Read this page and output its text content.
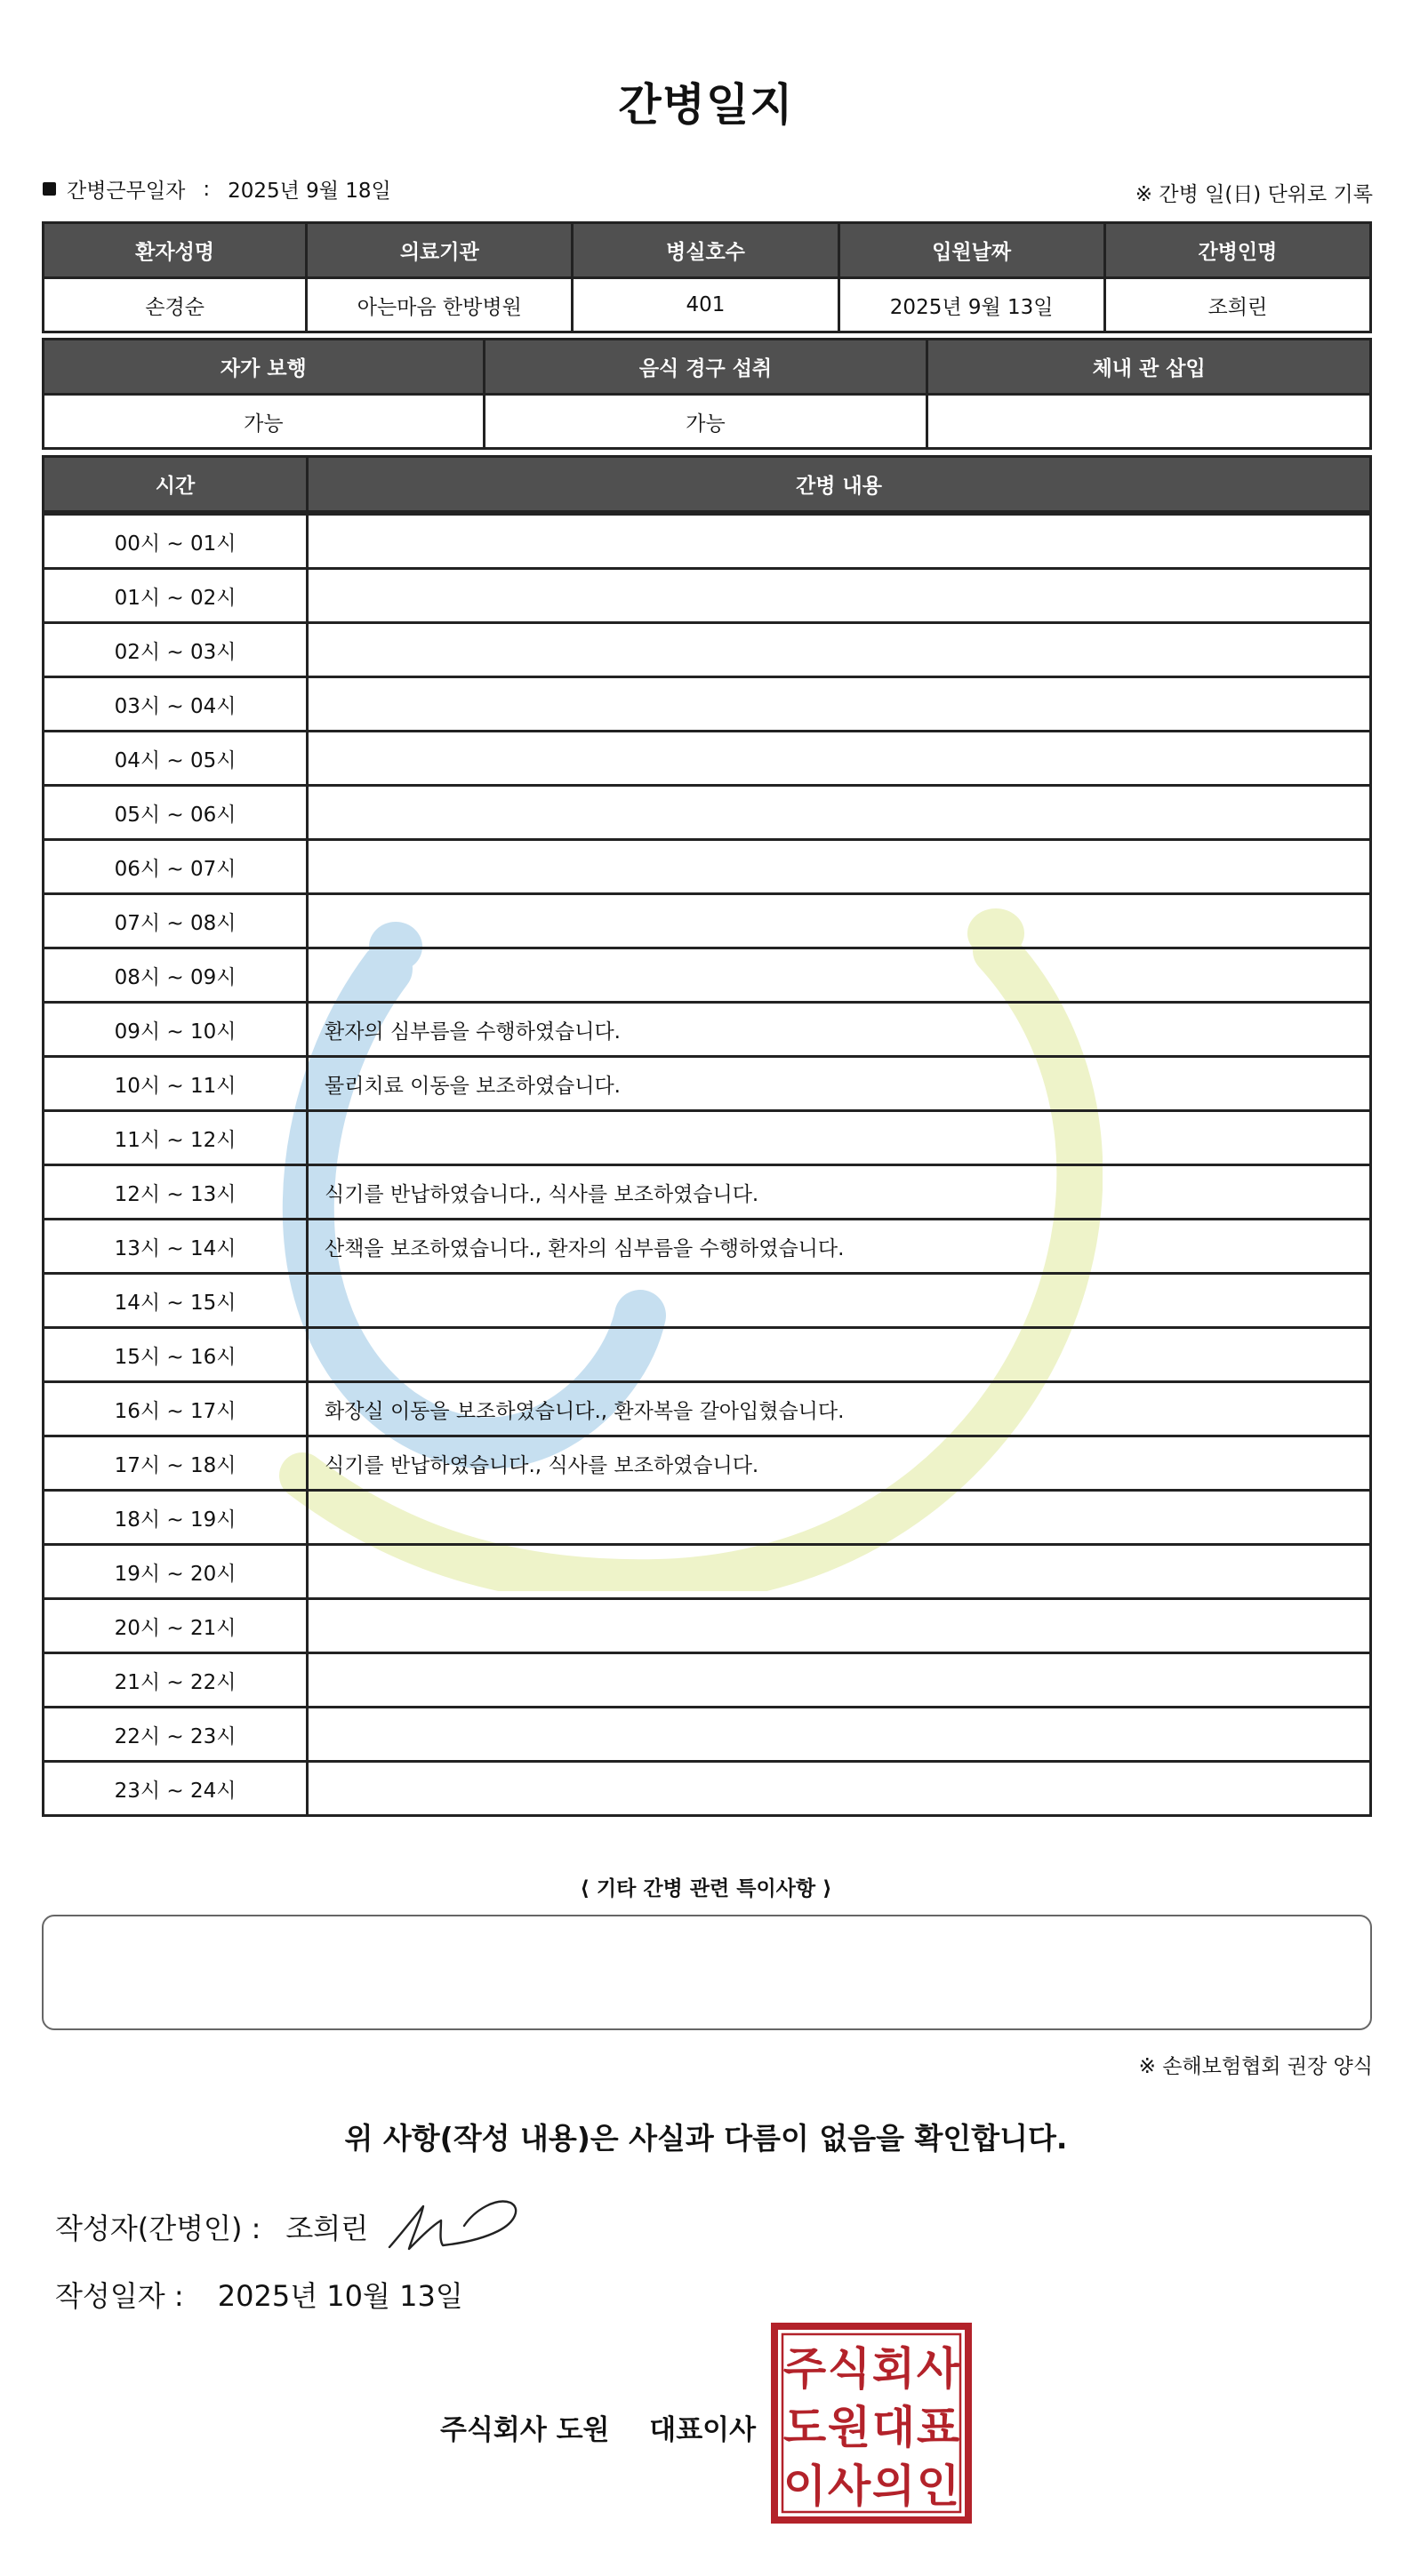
간병일지
간병근무일자 : 2025년 9월 18일	※ 간병 일(日) 단위로 기록
환자성명	의료기관	병실호수	입원날짜	간병인명
손경순	아는마음 한방병원	401	2025년 9월 13일	조희린
자가 보행	음식 경구 섭취	체내 관 삽입
가능	가능	
시간	간병 내용
00시 ~ 01시	
01시 ~ 02시	
02시 ~ 03시	
03시 ~ 04시	
04시 ~ 05시	
05시 ~ 06시	
06시 ~ 07시	
07시 ~ 08시	
08시 ~ 09시	
09시 ~ 10시	환자의 심부름을 수행하였습니다.
10시 ~ 11시	물리치료 이동을 보조하였습니다.
11시 ~ 12시	
12시 ~ 13시	식기를 반납하였습니다., 식사를 보조하였습니다.
13시 ~ 14시	산책을 보조하였습니다., 환자의 심부름을 수행하였습니다.
14시 ~ 15시	
15시 ~ 16시	
16시 ~ 17시	화장실 이동을 보조하였습니다., 환자복을 갈아입혔습니다.
17시 ~ 18시	식기를 반납하였습니다., 식사를 보조하였습니다.
18시 ~ 19시	
19시 ~ 20시	
20시 ~ 21시	
21시 ~ 22시	
22시 ~ 23시	
23시 ~ 24시	
⟨ 기타 간병 관련 특이사항 ⟩
※ 손해보험협회 권장 양식
위 사항(작성 내용)은 사실과 다름이 없음을 확인합니다.
작성자(간병인) : 조희린
작성일자 : 2025년 10월 13일
주식회사 도원 대표이사
주 식 회 사
도 원 대 표
이 사 의 인
